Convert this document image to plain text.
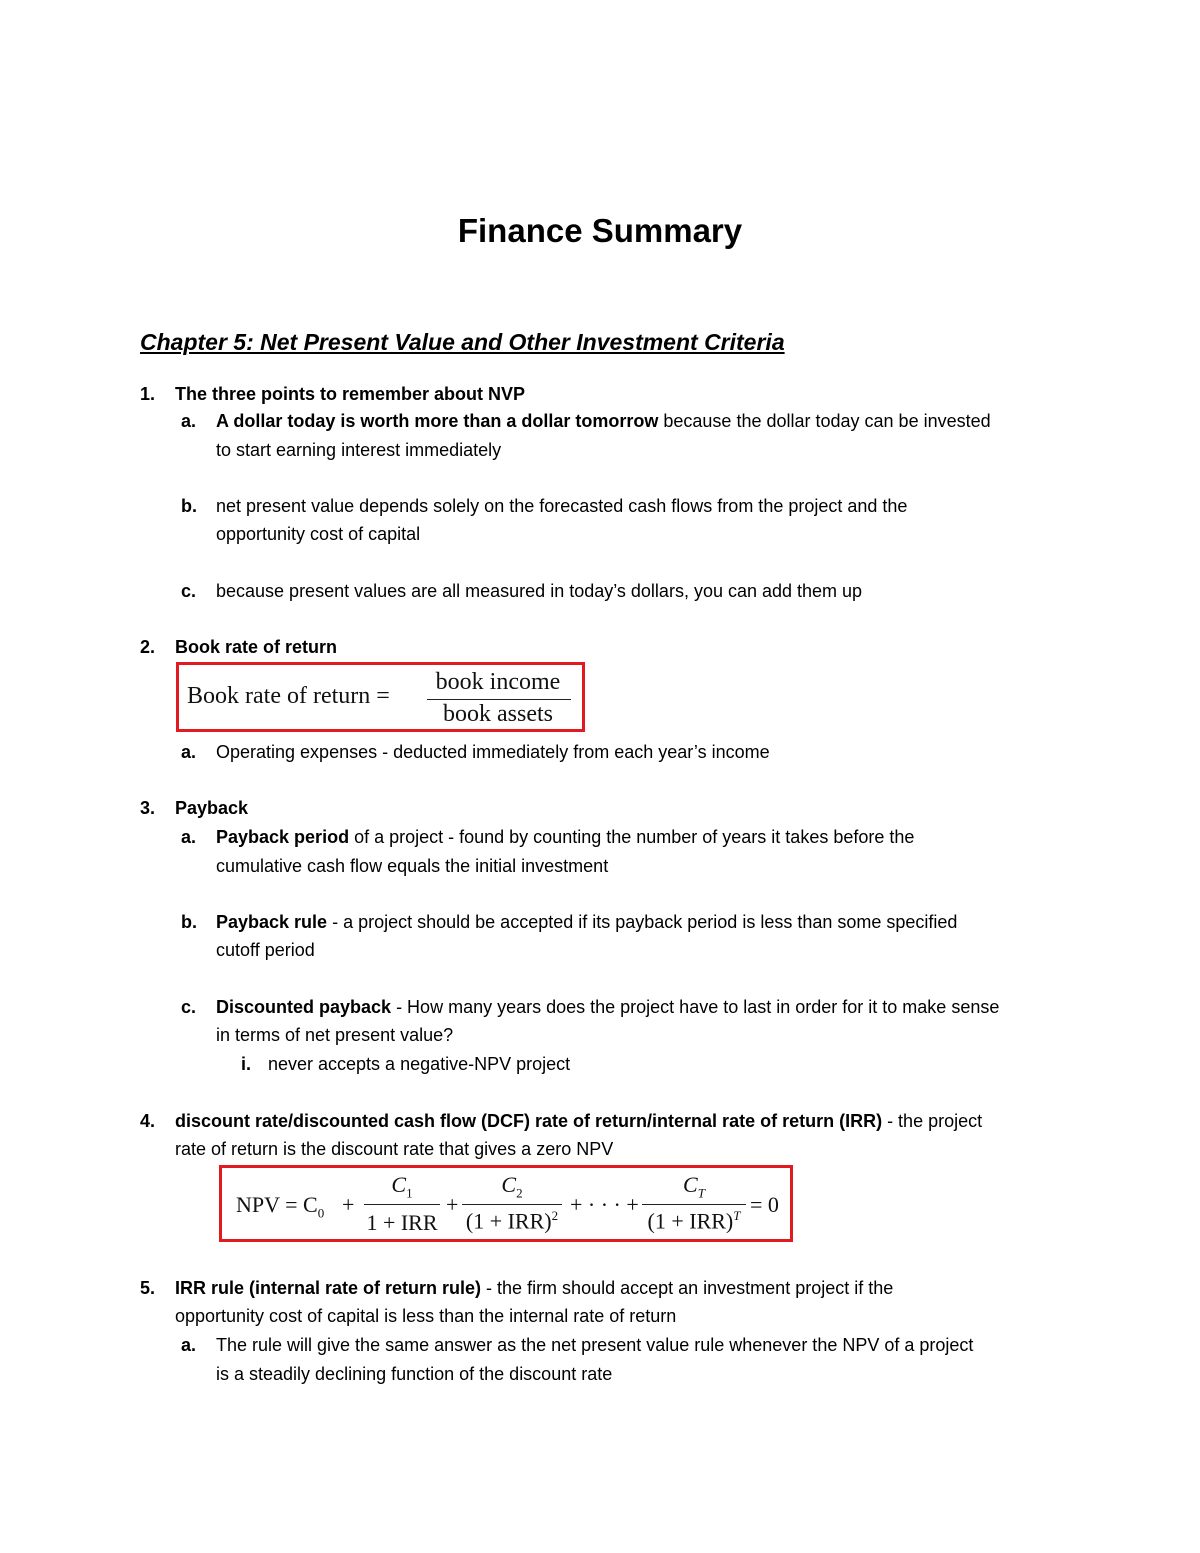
Finance Summary
Chapter 5: Net Present Value and Other Investment Criteria
1. The three points to remember about NVP
a. A dollar today is worth more than a dollar tomorrow because the dollar today can be invested
to start earning interest immediately
b. net present value depends solely on the forecasted cash flows from the project and the
opportunity cost of capital
c. because present values are all measured in today’s dollars, you can add them up
2. Book rate of return
Book rate of return =
book income
book assets
a. Operating expenses - deducted immediately from each year’s income
3. Payback
a. Payback period of a project - found by counting the number of years it takes before the
cumulative cash flow equals the initial investment
b. Payback rule - a project should be accepted if its payback period is less than some specified
cutoff period
c. Discounted payback - How many years does the project have to last in order for it to make sense
in terms of net present value?
i. never accepts a negative-NPV project
4. discount rate/discounted cash flow (DCF) rate of return/internal rate of return (IRR) - the project
rate of return is the discount rate that gives a zero NPV
NPV = $C_0$ +
$C_1$
1 + IRR
+
$C_2$
(1 + IRR)$^2$ + · · · +
$C_T$
(1 + IRR)$^T$ = 0
5. IRR rule (internal rate of return rule) - the firm should accept an investment project if the
opportunity cost of capital is less than the internal rate of return
a. The rule will give the same answer as the net present value rule whenever the NPV of a project
is a steadily declining function of the discount rate
